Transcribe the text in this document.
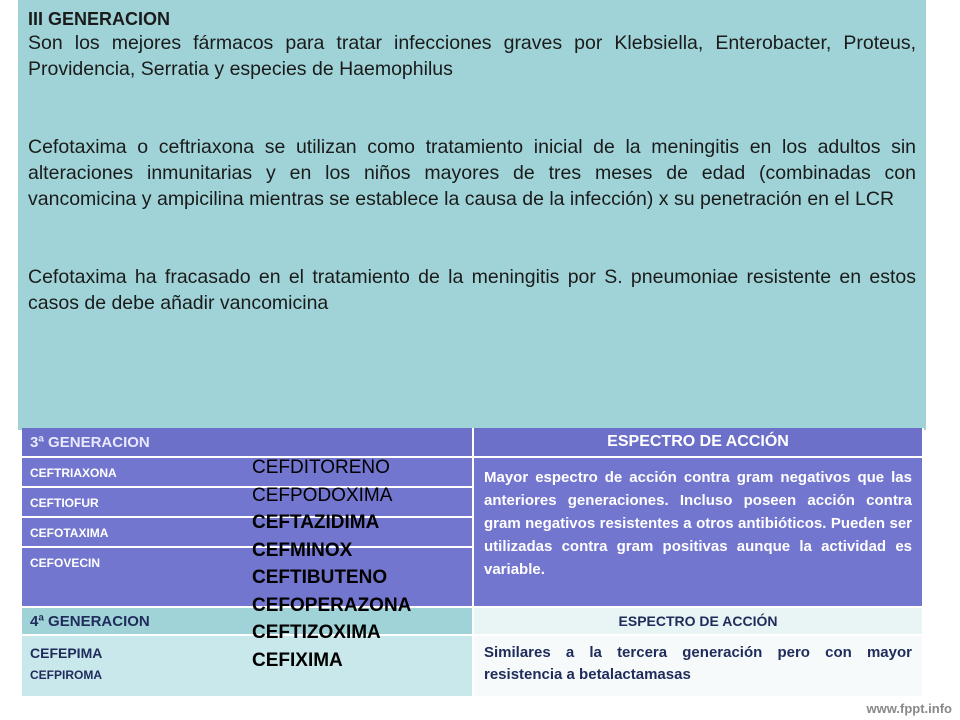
III GENERACION

Son los mejores fármacos para tratar infecciones graves por Klebsiella, Enterobacter, Proteus, Providencia, Serratia y especies de Haemophilus

Cefotaxima o ceftriaxona se utilizan como tratamiento inicial de la meningitis en los adultos sin alteraciones inmunitarias y en los niños mayores de tres meses de edad (combinadas con vancomicina y ampicilina mientras se establece la causa de la infección) x su penetración en el LCR

Cefotaxima ha fracasado en el tratamiento de la meningitis por S. pneumoniae resistente en estos casos de debe añadir vancomicina

3ª GENERACION
CEFTRIAXONA
CEFTIOFUR
CEFOTAXIMA
CEFOVECIN
4ª GENERACION
CEFEPIMA
CEFPIROMA
ESPECTRO DE ACCIÓN
Mayor espectro de acción contra gram negativos que las anteriores generaciones. Incluso poseen acción contra gram negativos resistentes a otros antibióticos. Pueden ser utilizadas contra gram positivas aunque la actividad es variable.
ESPECTRO DE ACCIÓN
Similares a la tercera generación pero con mayor resistencia a betalactamasas
CEFDITORENO
CEFPODOXIMA
CEFTAZIDIMA
CEFMINOX
CEFTIBUTENO
CEFOPERAZONA
CEFTIZOXIMA
CEFIXIMA
www.fppt.info
